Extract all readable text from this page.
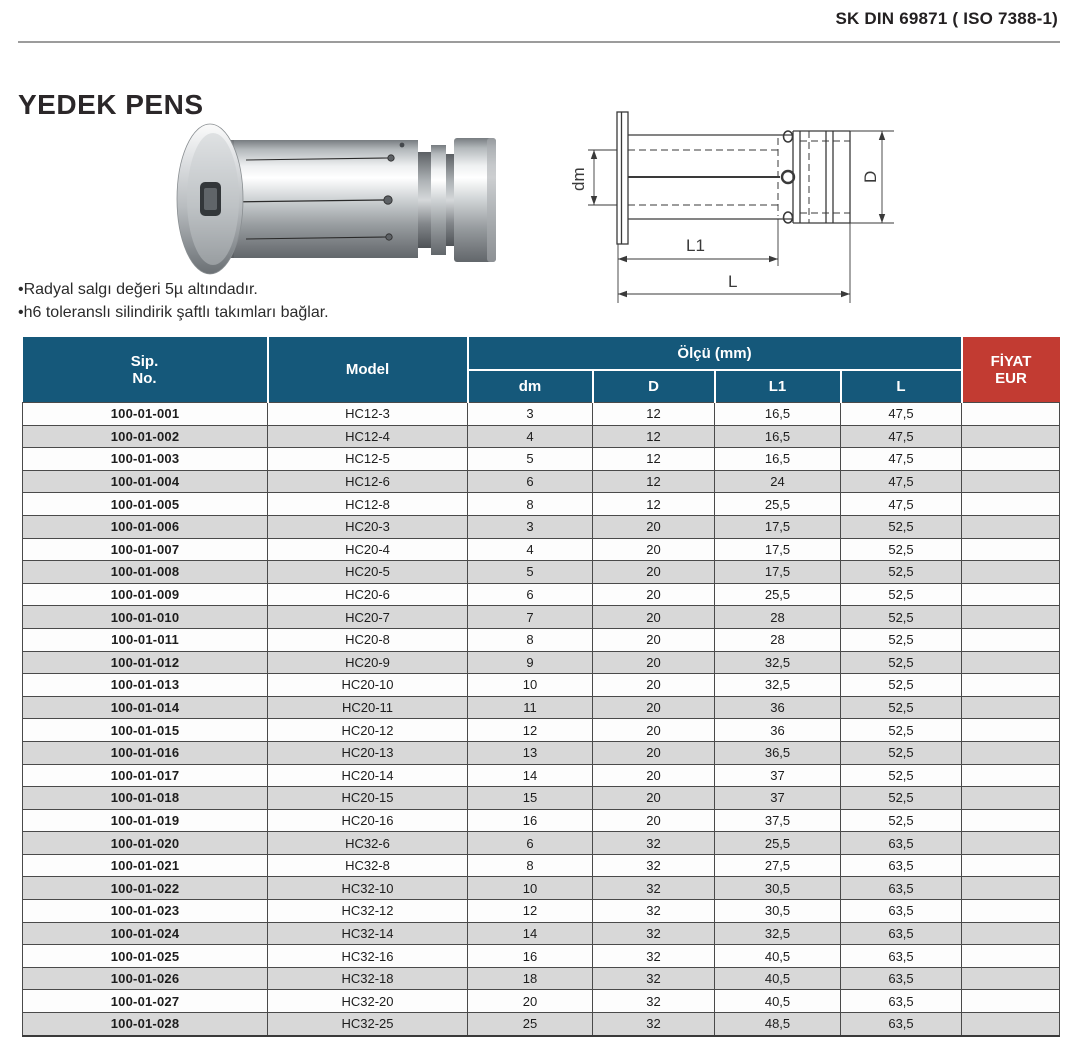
SK DIN 69871 ( ISO 7388-1)
YEDEK PENS
dm	D
L1
L
•Radyal salgı değeri 5µ altındadır.
•h6 toleranslı silindirik şaftlı takımları bağlar.
Sip.
No.	Model	Ölçü (mm)				FİYAT
EUR

		dm	D	L1	L	
100-01-001	HC12-3	3	12	16,5	47,5	
100-01-002	HC12-4	4	12	16,5	47,5	
100-01-003	HC12-5	5	12	16,5	47,5	
100-01-004	HC12-6	6	12	24	47,5	
100-01-005	HC12-8	8	12	25,5	47,5	
100-01-006	HC20-3	3	20	17,5	52,5	
100-01-007	HC20-4	4	20	17,5	52,5	
100-01-008	HC20-5	5	20	17,5	52,5	
100-01-009	HC20-6	6	20	25,5	52,5	
100-01-010	HC20-7	7	20	28	52,5	
100-01-011	HC20-8	8	20	28	52,5	
100-01-012	HC20-9	9	20	32,5	52,5	
100-01-013	HC20-10	10	20	32,5	52,5	
100-01-014	HC20-11	11	20	36	52,5	
100-01-015	HC20-12	12	20	36	52,5	
100-01-016	HC20-13	13	20	36,5	52,5	
100-01-017	HC20-14	14	20	37	52,5	
100-01-018	HC20-15	15	20	37	52,5	
100-01-019	HC20-16	16	20	37,5	52,5	
100-01-020	HC32-6	6	32	25,5	63,5	
100-01-021	HC32-8	8	32	27,5	63,5	
100-01-022	HC32-10	10	32	30,5	63,5	
100-01-023	HC32-12	12	32	30,5	63,5	
100-01-024	HC32-14	14	32	32,5	63,5	
100-01-025	HC32-16	16	32	40,5	63,5	
100-01-026	HC32-18	18	32	40,5	63,5	
100-01-027	HC32-20	20	32	40,5	63,5	
100-01-028	HC32-25	25	32	48,5	63,5	
